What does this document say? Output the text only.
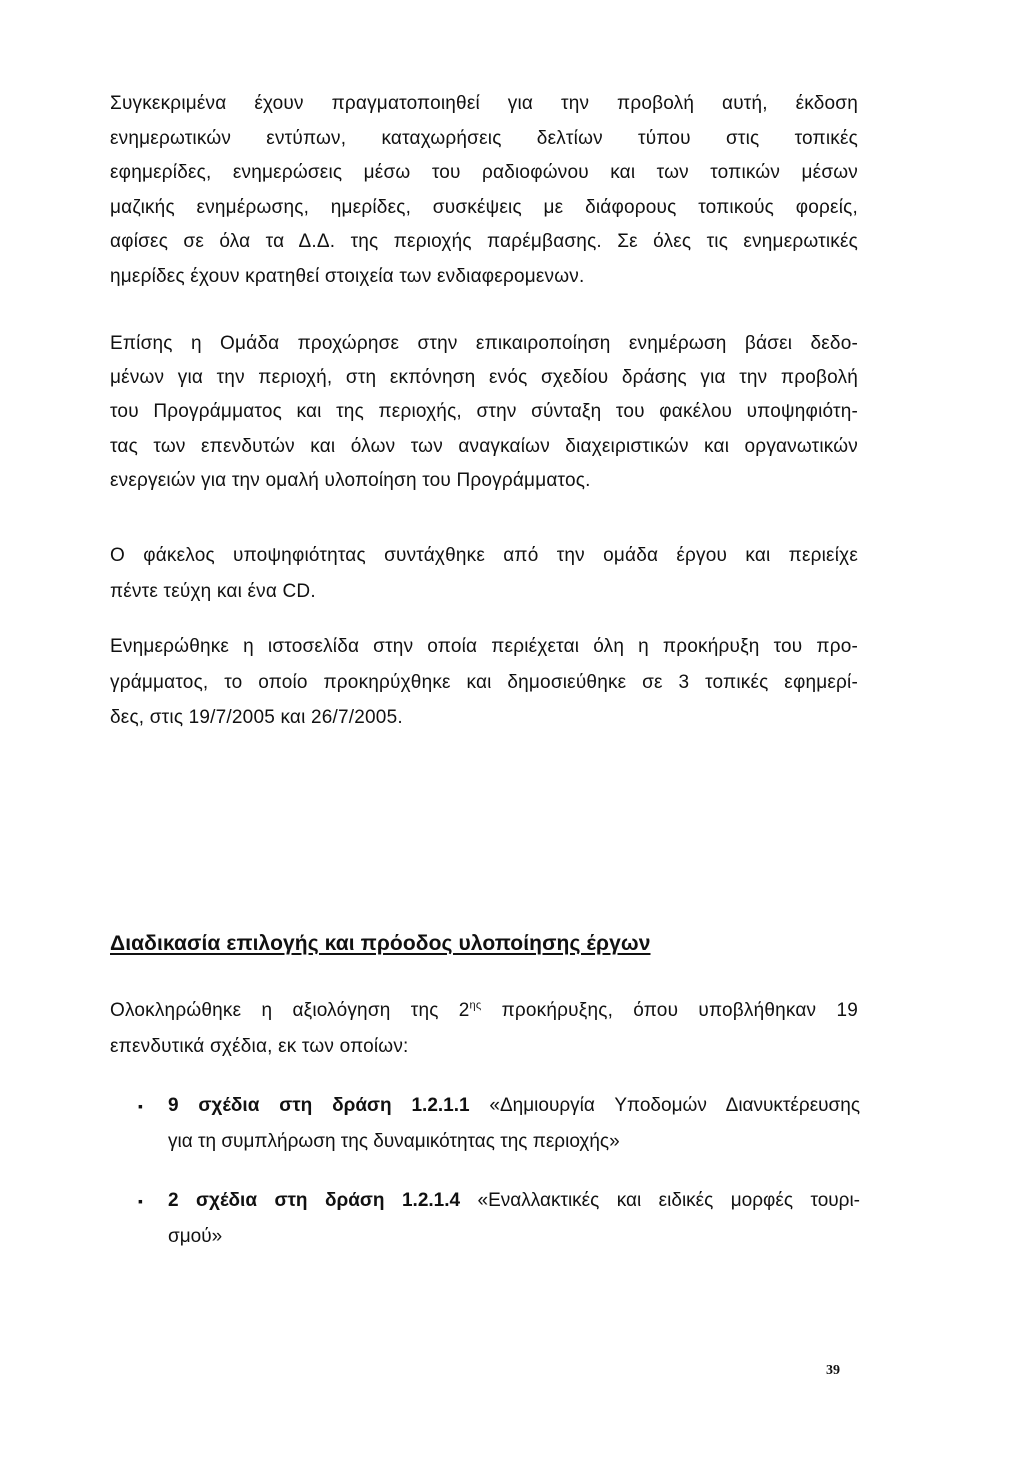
Συγκεκριμένα έχουν πραγματοποιηθεί για την προβολή αυτή, έκδοση
ενημερωτικών εντύπων, καταχωρήσεις δελτίων τύπου στις τοπικές
εφημερίδες, ενημερώσεις μέσω του ραδιοφώνου και των τοπικών μέσων
μαζικής ενημέρωσης, ημερίδες, συσκέψεις με διάφορους τοπικούς φορείς,
αφίσες σε όλα τα Δ.Δ. της περιοχής παρέμβασης. Σε όλες τις ενημερωτικές
ημερίδες έχουν κρατηθεί στοιχεία των ενδιαφερομενων.
Επίσης η Ομάδα προχώρησε στην επικαιροποίηση ενημέρωση βάσει δεδο-
μένων για την περιοχή, στη εκπόνηση ενός σχεδίου δράσης για την προβολή
του Προγράμματος και της περιοχής, στην σύνταξη του φακέλου υποψηφιότη-
τας των επενδυτών και όλων των αναγκαίων διαχειριστικών και οργανωτικών
ενεργειών για την ομαλή υλοποίηση του Προγράμματος.
Ο φάκελος υποψηφιότητας συντάχθηκε από την ομάδα έργου και περιείχε
πέντε τεύχη και ένα CD.
Ενημερώθηκε η ιστοσελίδα στην οποία περιέχεται όλη η προκήρυξη του προ-
γράμματος, το οποίο προκηρύχθηκε και δημοσιεύθηκε σε 3 τοπικές εφημερί-
δες, στις 19/7/2005 και 26/7/2005.
Διαδικασία επιλογής και πρόοδος υλοποίησης έργων
Ολοκληρώθηκε η αξιολόγηση της $2^{\eta\varsigma}$ προκήρυξης, όπου υποβλήθηκαν 19
επενδυτικά σχέδια, εκ των οποίων:
▪	9 σχέδια στη δράση 1.2.1.1 «Δημιουργία Υποδομών Διανυκτέρευσης
για τη συμπλήρωση της δυναμικότητας της περιοχής»
▪	2 σχέδια στη δράση 1.2.1.4 «Εναλλακτικές και ειδικές μορφές τουρι-
σμού»
39
